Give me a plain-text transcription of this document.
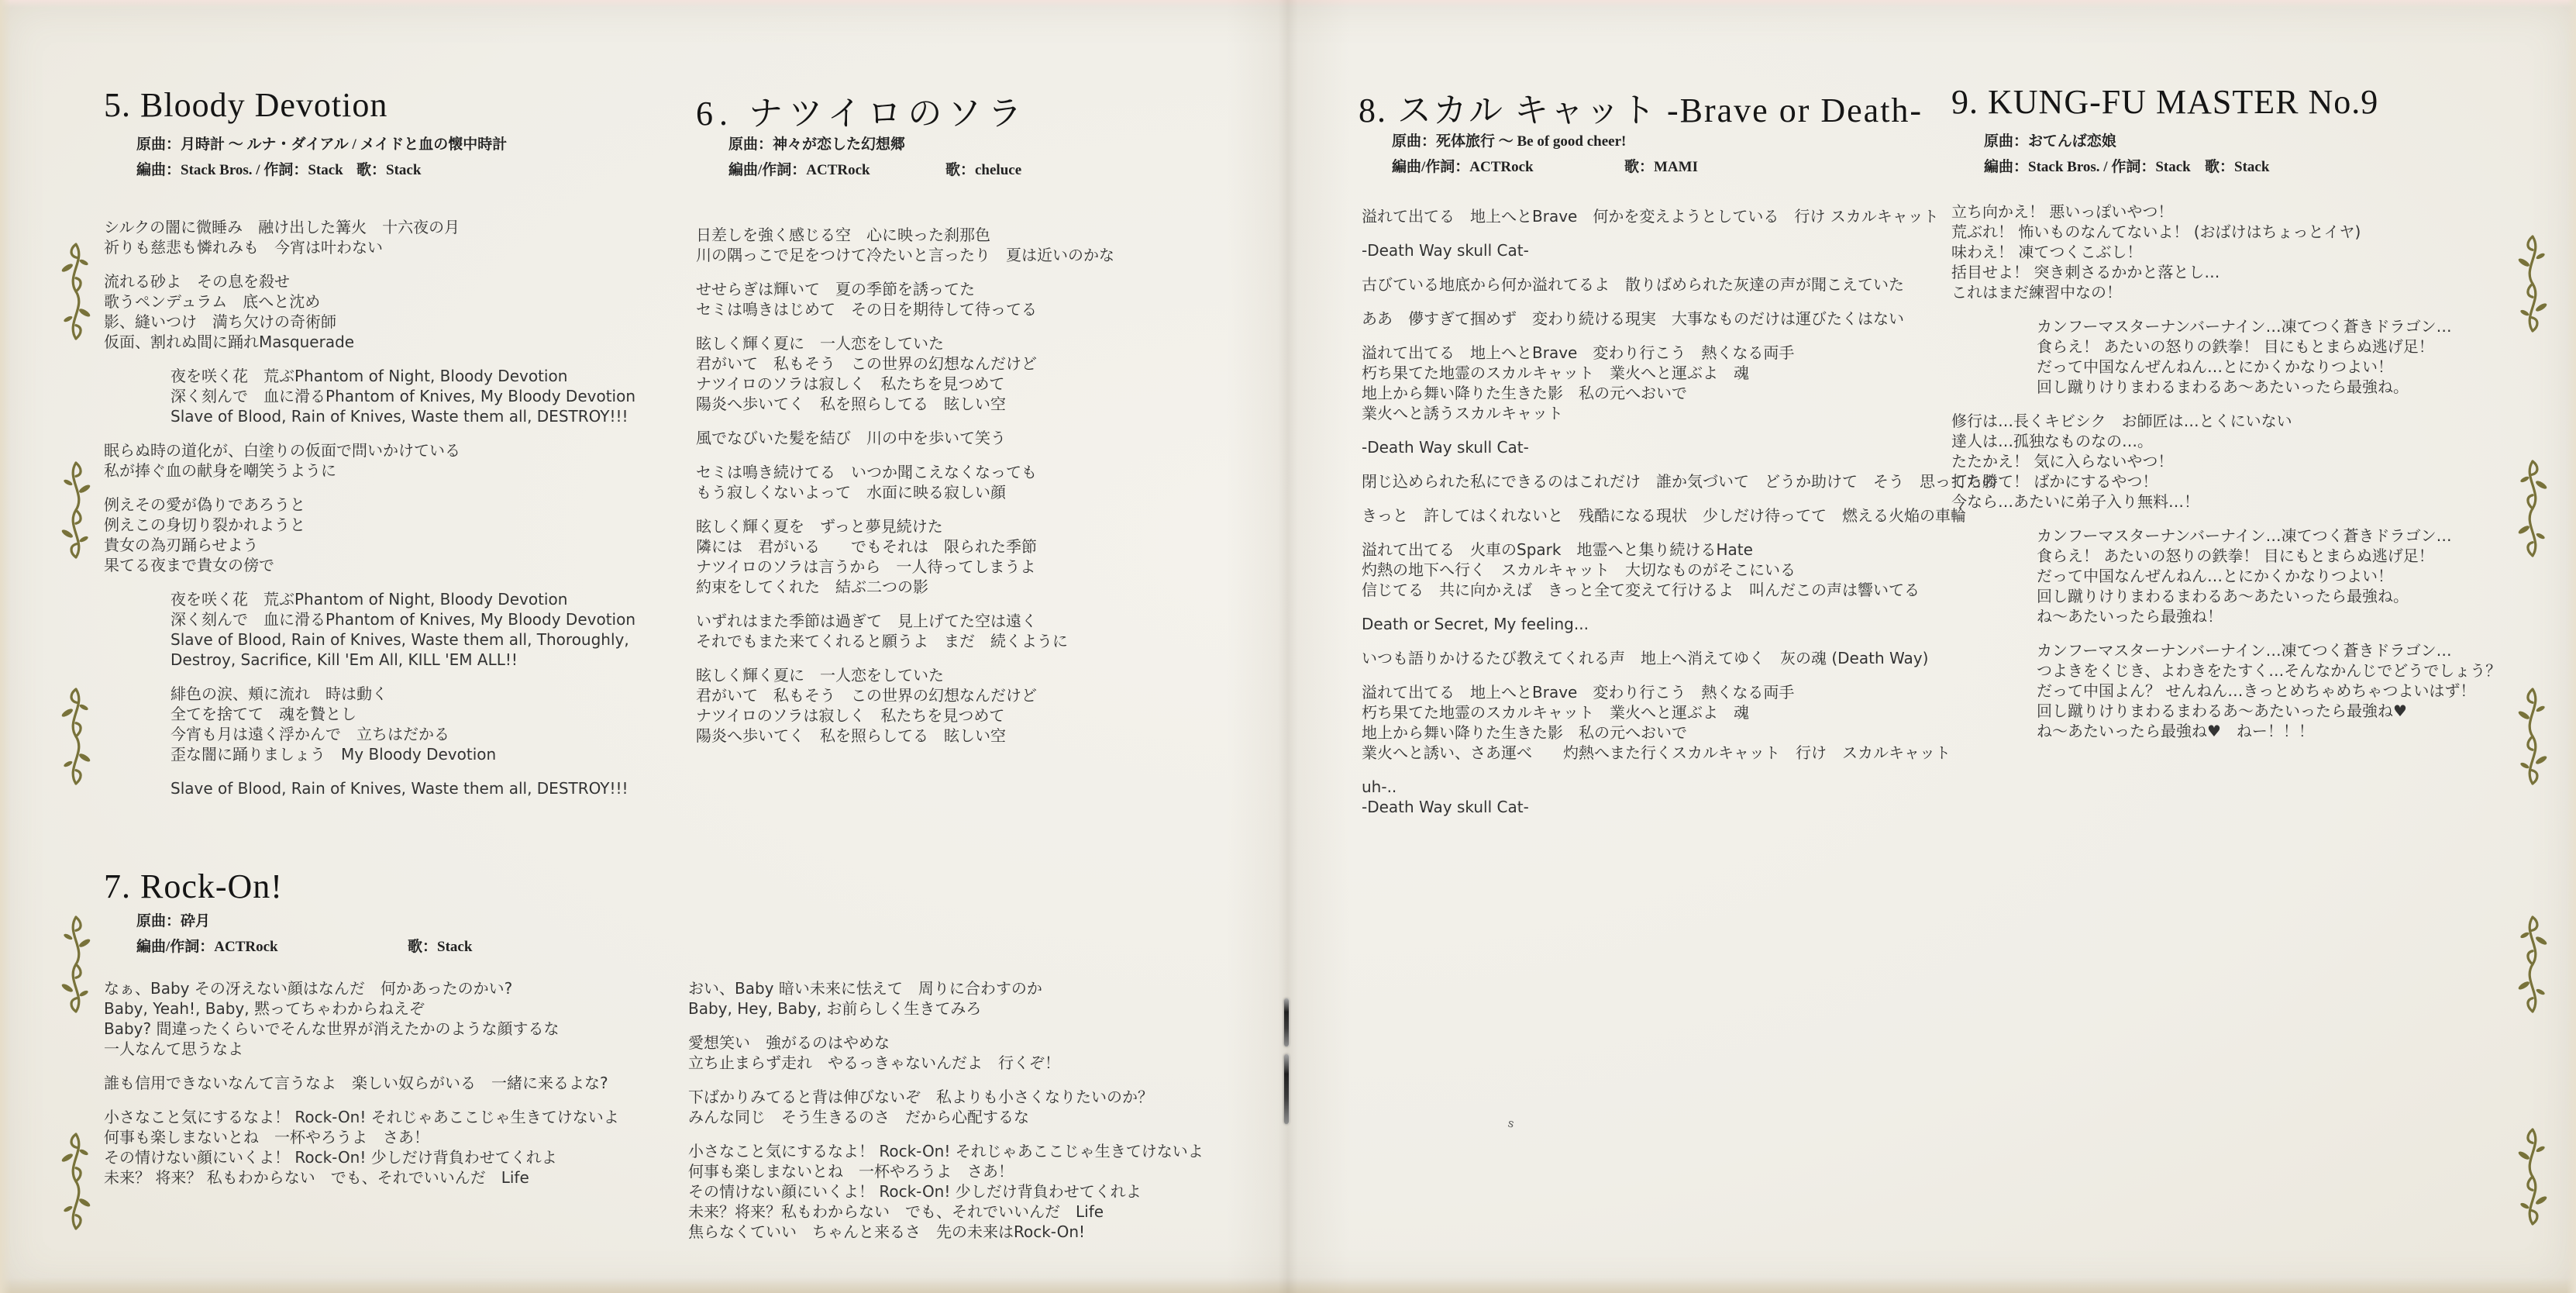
s
5. Bloody Devotion
原曲：月時計 ～ ルナ・ダイアル / メイドと血の懐中時計
編曲：Stack Bros. / 作詞：Stack 歌：Stack
シルクの闇に微睡み　融け出した篝火　十六夜の月
祈りも慈悲も憐れみも　今宵は叶わない
流れる砂よ　その息を殺せ
歌うペンデュラム　底へと沈め
影、縫いつけ　満ち欠けの奇術師
仮面、割れぬ間に踊れMasquerade
夜を咲く花　荒ぶPhantom of Night, Bloody Devotion
深く刻んで　血に滑るPhantom of Knives, My Bloody Devotion
Slave of Blood, Rain of Knives, Waste them all, DESTROY!!!
眠らぬ時の道化が、白塗りの仮面で問いかけている
私が捧ぐ血の献身を嘲笑うように
例えその愛が偽りであろうと
例えこの身切り裂かれようと
貴女の為刃踊らせよう
果てる夜まで貴女の傍で
夜を咲く花　荒ぶPhantom of Night, Bloody Devotion
深く刻んで　血に滑るPhantom of Knives, My Bloody Devotion
Slave of Blood, Rain of Knives, Waste them all, Thoroughly,
Destroy, Sacrifice, Kill 'Em All, KILL 'EM ALL!!
緋色の涙、頬に流れ　時は動く
全てを捨てて　魂を贄とし
今宵も月は遠く浮かんで　立ちはだかる
歪な闇に踊りましょう　My Bloody Devotion
Slave of Blood, Rain of Knives, Waste them all, DESTROY!!!
6. ナツイロのソラ
原曲：神々が恋した幻想郷
編曲/作詞：ACTRock	歌：cheluce
日差しを強く感じる空　心に映った刹那色
川の隅っこで足をつけて冷たいと言ったり　夏は近いのかな
せせらぎは輝いて　夏の季節を誘ってた
セミは鳴きはじめて　その日を期待して待ってる
眩しく輝く夏に　一人恋をしていた
君がいて　私もそう　この世界の幻想なんだけど
ナツイロのソラは寂しく　私たちを見つめて
陽炎へ歩いてく　私を照らしてる　眩しい空
風でなびいた髪を結び　川の中を歩いて笑う
セミは鳴き続けてる　いつか聞こえなくなっても
もう寂しくないよって　水面に映る寂しい顔
眩しく輝く夏を　ずっと夢見続けた
隣には　君がいる　　でもそれは　限られた季節
ナツイロのソラは言うから　一人待ってしまうよ
約束をしてくれた　結ぶ二つの影
いずれはまた季節は過ぎて　見上げてた空は遠く
それでもまた来てくれると願うよ　まだ　続くように
眩しく輝く夏に　一人恋をしていた
君がいて　私もそう　この世界の幻想なんだけど
ナツイロのソラは寂しく　私たちを見つめて
陽炎へ歩いてく　私を照らしてる　眩しい空
7. Rock-On!
原曲：砕月
編曲/作詞：ACTRock	歌：Stack
なぁ、Baby その冴えない顔はなんだ　何かあったのかい?
Baby, Yeah!, Baby, 黙ってちゃわからねえぞ
Baby? 間違ったくらいでそんな世界が消えたかのような顔するな
一人なんて思うなよ
誰も信用できないなんて言うなよ　楽しい奴らがいる　一緒に来るよな?
小さなこと気にするなよ！ Rock-On! それじゃあここじゃ生きてけないよ
何事も楽しまないとね　一杯やろうよ　さあ！
その情けない顔にいくよ！ Rock-On! 少しだけ背負わせてくれよ
未来？ 将来？ 私もわからない　でも、それでいいんだ　Life
おい、Baby 暗い未来に怯えて　周りに合わすのか
Baby, Hey, Baby, お前らしく生きてみろ
愛想笑い　強がるのはやめな
立ち止まらず走れ　やるっきゃないんだよ　行くぞ！
下ばかりみてると背は伸びないぞ　私よりも小さくなりたいのか？
みんな同じ　そう生きるのさ　だから心配するな
小さなこと気にするなよ！ Rock-On! それじゃあここじゃ生きてけないよ
何事も楽しまないとね　一杯やろうよ　さあ！
その情けない顔にいくよ！ Rock-On! 少しだけ背負わせてくれよ
未来？将来？私もわからない　でも、それでいいんだ　Life
焦らなくていい　ちゃんと来るさ　先の未来はRock-On!
8. スカル キャット -Brave or Death-
原曲：死体旅行 ～ Be of good cheer!
編曲/作詞：ACTRock	歌：MAMI
溢れて出てる　地上へとBrave　何かを変えようとしている　行け スカルキャット
-Death Way skull Cat-
古びている地底から何か溢れてるよ　散りばめられた灰達の声が聞こえていた
ああ　儚すぎて掴めず　変わり続ける現実　大事なものだけは運びたくはない
溢れて出てる　地上へとBrave　変わり行こう　熱くなる両手
朽ち果てた地霊のスカルキャット　業火へと運ぶよ　魂
地上から舞い降りた生きた影　私の元へおいで
業火へと誘うスカルキャット
-Death Way skull Cat-
閉じ込められた私にできるのはこれだけ　誰か気づいて　どうか助けて　そう　思ってたの
きっと　許してはくれないと　残酷になる現状　少しだけ待ってて　燃える火焔の車輪
溢れて出てる　火車のSpark　地霊へと集り続けるHate
灼熱の地下へ行く　スカルキャット　大切なものがそこにいる
信じてる　共に向かえば　きっと全て変えて行けるよ　叫んだこの声は響いてる
Death or Secret, My feeling...
いつも語りかけるたび教えてくれる声　地上へ消えてゆく　灰の魂 (Death Way)
溢れて出てる　地上へとBrave　変わり行こう　熱くなる両手
朽ち果てた地霊のスカルキャット　業火へと運ぶよ　魂
地上から舞い降りた生きた影　私の元へおいで
業火へと誘い、さあ運べ　　灼熱へまた行くスカルキャット　行け　スカルキャット
uh-..
-Death Way skull Cat-
9. KUNG-FU MASTER No.9
原曲：おてんば恋娘
編曲：Stack Bros. / 作詞：Stack 歌：Stack
立ち向かえ！ 悪いっぽいやつ！
荒ぶれ！ 怖いものなんてないよ！ (おばけはちょっとイヤ)
味わえ！ 凍てつくこぶし！
括目せよ！ 突き刺さるかかと落とし…
これはまだ練習中なの！
カンフーマスターナンバーナイン…凍てつく蒼きドラゴン…
食らえ！ あたいの怒りの鉄拳！ 目にもとまらぬ逃げ足！
だって中国なんぜんねん…とにかくかなりつよい！
回し蹴りけりまわるまわるあ～あたいったら最強ね。
修行は…長くキビシク　お師匠は…とくにいない
達人は…孤独なものなの…。
たたかえ！ 気に入らないやつ！
打ち勝て！ ばかにするやつ！
今なら…あたいに弟子入り無料…！
カンフーマスターナンバーナイン…凍てつく蒼きドラゴン…
食らえ！ あたいの怒りの鉄拳！ 目にもとまらぬ逃げ足！
だって中国なんぜんねん…とにかくかなりつよい！
回し蹴りけりまわるまわるあ～あたいったら最強ね。
ね～あたいったら最強ね！
カンフーマスターナンバーナイン…凍てつく蒼きドラゴン…
つよきをくじき、よわきをたすく…そんなかんじでどうでしょう？
だって中国よん？ せんねん…きっとめちゃめちゃつよいはず！
回し蹴りけりまわるまわるあ～あたいったら最強ね♥
ね～あたいったら最強ね♥　ねー！！！
